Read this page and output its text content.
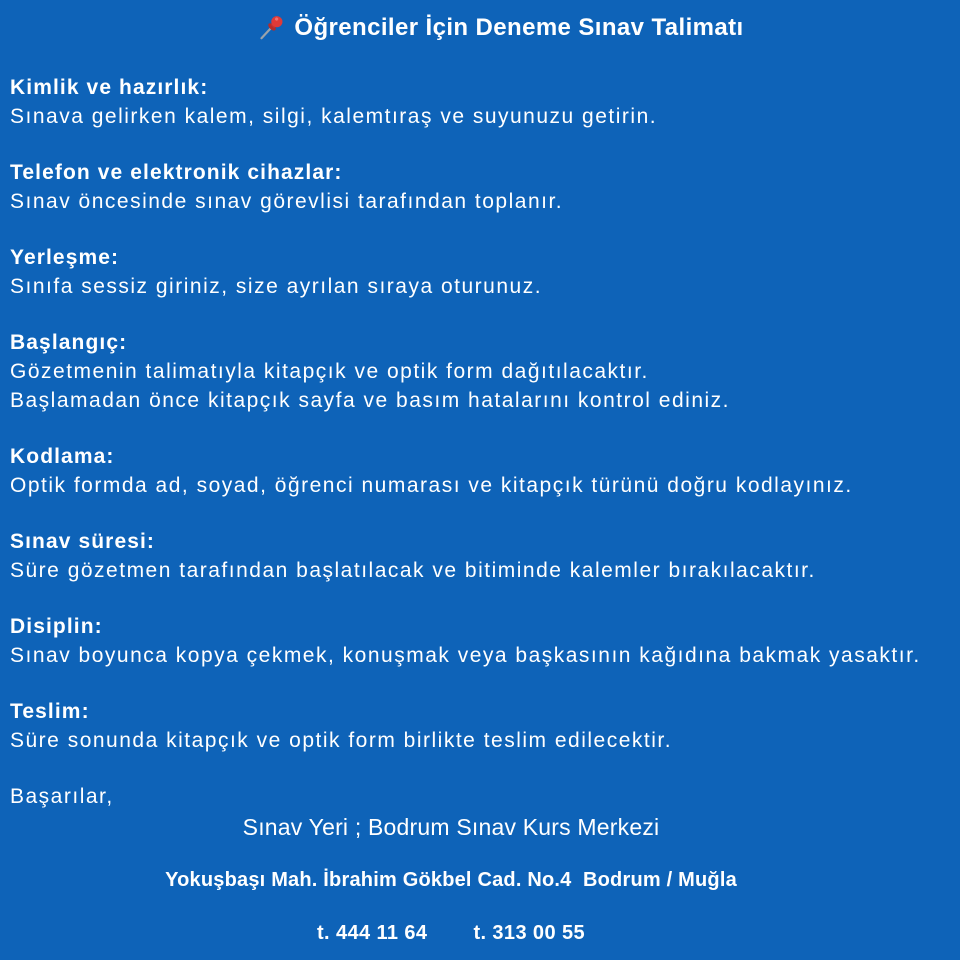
Öğrenciler İçin Deneme Sınav Talimatı
Kimlik ve hazırlık:
Sınava gelirken kalem, silgi, kalemtıraş ve suyunuzu getirin.
Telefon ve elektronik cihazlar:
Sınav öncesinde sınav görevlisi tarafından toplanır.
Yerleşme:
Sınıfa sessiz giriniz, size ayrılan sıraya oturunuz.
Başlangıç:
Gözetmenin talimatıyla kitapçık ve optik form dağıtılacaktır.
Başlamadan önce kitapçık sayfa ve basım hatalarını kontrol ediniz.
Kodlama:
Optik formda ad, soyad, öğrenci numarası ve kitapçık türünü doğru kodlayınız.
Sınav süresi:
Süre gözetmen tarafından başlatılacak ve bitiminde kalemler bırakılacaktır.
Disiplin:
Sınav boyunca kopya çekmek, konuşmak veya başkasının kağıdına bakmak yasaktır.
Teslim:
Süre sonunda kitapçık ve optik form birlikte teslim edilecektir.
Başarılar,
Sınav Yeri ; Bodrum Sınav Kurs Merkezi
Yokuşbaşı Mah. İbrahim Gökbel Cad. No.4  Bodrum / Muğla
t. 444 11 64 t. 313 00 55
